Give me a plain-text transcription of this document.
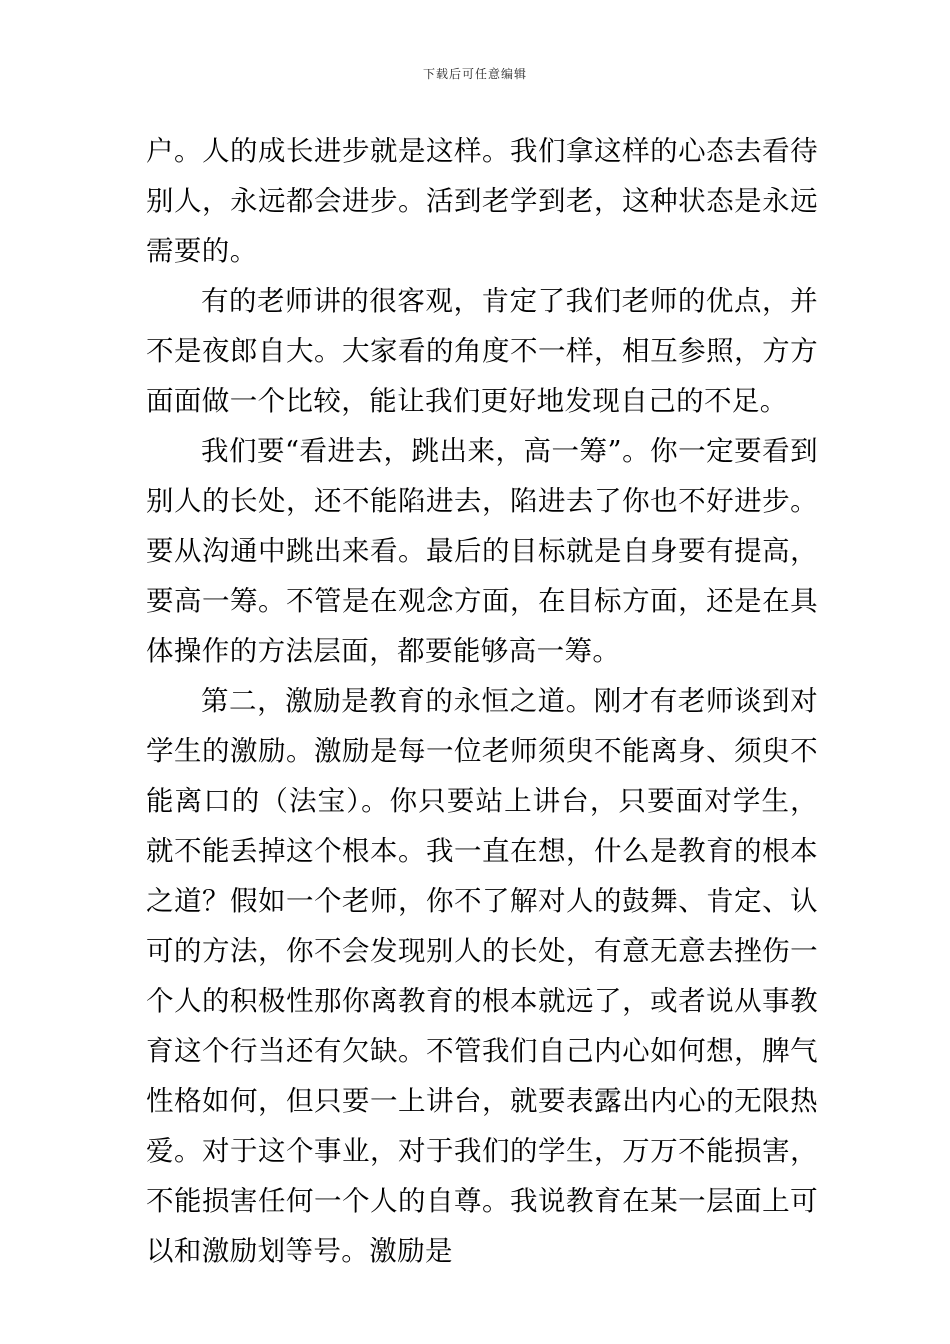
下载后可任意编辑

户。人的成长进步就是这样。我们拿这样的心态去看待别人，永远都会进步。活到老学到老，这种状态是永远需要的。

有的老师讲的很客观，肯定了我们老师的优点，并不是夜郎自大。大家看的角度不一样，相互参照，方方面面做一个比较，能让我们更好地发现自己的不足。

我们要“看进去，跳出来，高一筹”。你一定要看到别人的长处，还不能陷进去，陷进去了你也不好进步。要从沟通中跳出来看。最后的目标就是自身要有提高，要高一筹。不管是在观念方面，在目标方面，还是在具体操作的方法层面，都要能够高一筹。

第二，激励是教育的永恒之道。刚才有老师谈到对学生的激励。激励是每一位老师须臾不能离身、须臾不能离口的（法宝）。你只要站上讲台，只要面对学生，就不能丢掉这个根本。我一直在想，什么是教育的根本之道？假如一个老师，你不了解对人的鼓舞、肯定、认可的方法，你不会发现别人的长处，有意无意去挫伤一个人的积极性那你离教育的根本就远了，或者说从事教育这个行当还有欠缺。不管我们自己内心如何想，脾气性格如何，但只要一上讲台，就要表露出内心的无限热爱。对于这个事业，对于我们的学生，万万不能损害，不能损害任何一个人的自尊。我说教育在某一层面上可以和激励划等号。激励是
